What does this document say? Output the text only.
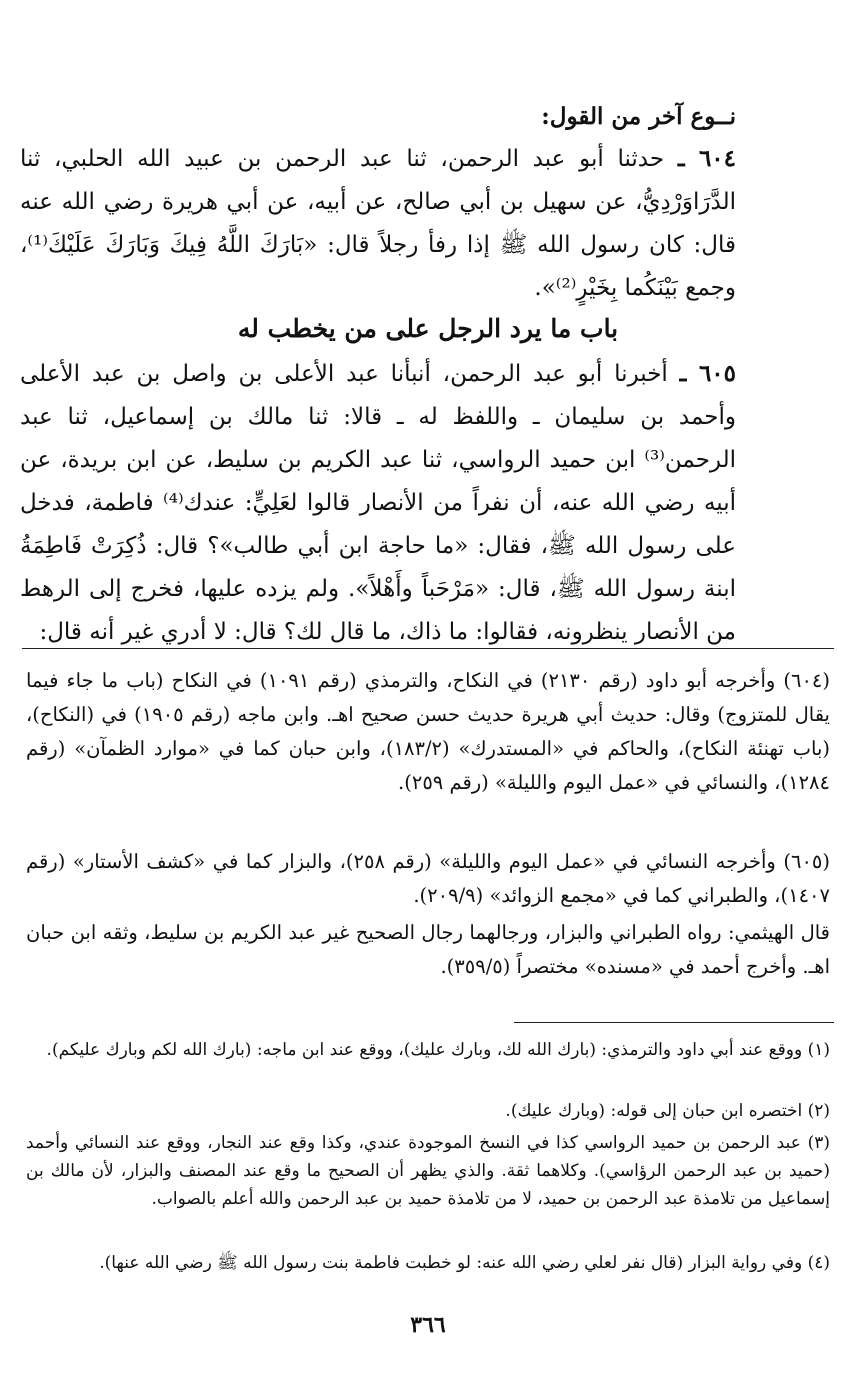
نــوع آخر من القول:
٦٠٤ ـ حدثنا أبو عبد الرحمن، ثنا عبد الرحمن بن عبيد الله الحلبي، ثنا الدَّرَاوَرْدِيُّ، عن سهيل بن أبي صالح، عن أبيه، عن أبي هريرة رضي الله عنه قال: كان رسول الله ﷺ إذا رفأ رجلاً قال: «بَارَكَ اللَّهُ فِيكَ وَبَارَكَ عَلَيْكَ⁽¹⁾، وجمع بَيْنَكُما بِخَيْرٍ⁽²⁾».
باب ما يرد الرجل على من يخطب له
٦٠٥ ـ أخبرنا أبو عبد الرحمن، أنبأنا عبد الأعلى بن واصل بن عبد الأعلى وأحمد بن سليمان ـ واللفظ له ـ قالا: ثنا مالك بن إسماعيل، ثنا عبد الرحمن⁽³⁾ ابن حميد الرواسي، ثنا عبد الكريم بن سليط، عن ابن بريدة، عن أبيه رضي الله عنه، أن نفراً من الأنصار قالوا لعَلِيٍّ: عندك⁽⁴⁾ فاطمة، فدخل على رسول الله ﷺ، فقال: «ما حاجة ابن أبي طالب»؟ قال: ذُكِرَتْ فَاطِمَةُ ابنة رسول الله ﷺ، قال: «مَرْحَباً وأَهْلاً». ولم يزده عليها، فخرج إلى الرهط من الأنصار ينظرونه، فقالوا: ما ذاك، ما قال لك؟ قال: لا أدري غير أنه قال:
(٦٠٤) وأخرجه أبو داود (رقم ٢١٣٠) في النكاح، والترمذي (رقم ١٠٩١) في النكاح (باب ما جاء فيما يقال للمتزوج) وقال: حديث أبي هريرة حديث حسن صحيح اهـ. وابن ماجه (رقم ١٩٠٥) في (النكاح)، (باب تهنئة النكاح)، والحاكم في «المستدرك» (١٨٣/٢)، وابن حبان كما في «موارد الظمآن» (رقم ١٢٨٤)، والنسائي في «عمل اليوم والليلة» (رقم ٢٥٩).
(٦٠٥) وأخرجه النسائي في «عمل اليوم والليلة» (رقم ٢٥٨)، والبزار كما في «كشف الأستار» (رقم ١٤٠٧)، والطبراني كما في «مجمع الزوائد» (٢٠٩/٩).
قال الهيثمي: رواه الطبراني والبزار، ورجالهما رجال الصحيح غير عبد الكريم بن سليط، وثقه ابن حبان اهـ. وأخرج أحمد في «مسنده» مختصراً (٣٥٩/٥).
(١) ووقع عند أبي داود والترمذي: (بارك الله لك، وبارك عليك)، ووقع عند ابن ماجه: (بارك الله لكم وبارك عليكم).
(٢) اختصره ابن حبان إلى قوله: (وبارك عليك).
(٣) عبد الرحمن بن حميد الرواسي كذا في النسخ الموجودة عندي، وكذا وقع عند النجار، ووقع عند النسائي وأحمد (حميد بن عبد الرحمن الرؤاسي). وكلاهما ثقة. والذي يظهر أن الصحيح ما وقع عند المصنف والبزار، لأن مالك بن إسماعيل من تلامذة عبد الرحمن بن حميد، لا من تلامذة حميد بن عبد الرحمن والله أعلم بالصواب.
(٤) وفي رواية البزار (قال نفر لعلي رضي الله عنه: لو خطبت فاطمة بنت رسول الله ﷺ رضي الله عنها).
٣٦٦
